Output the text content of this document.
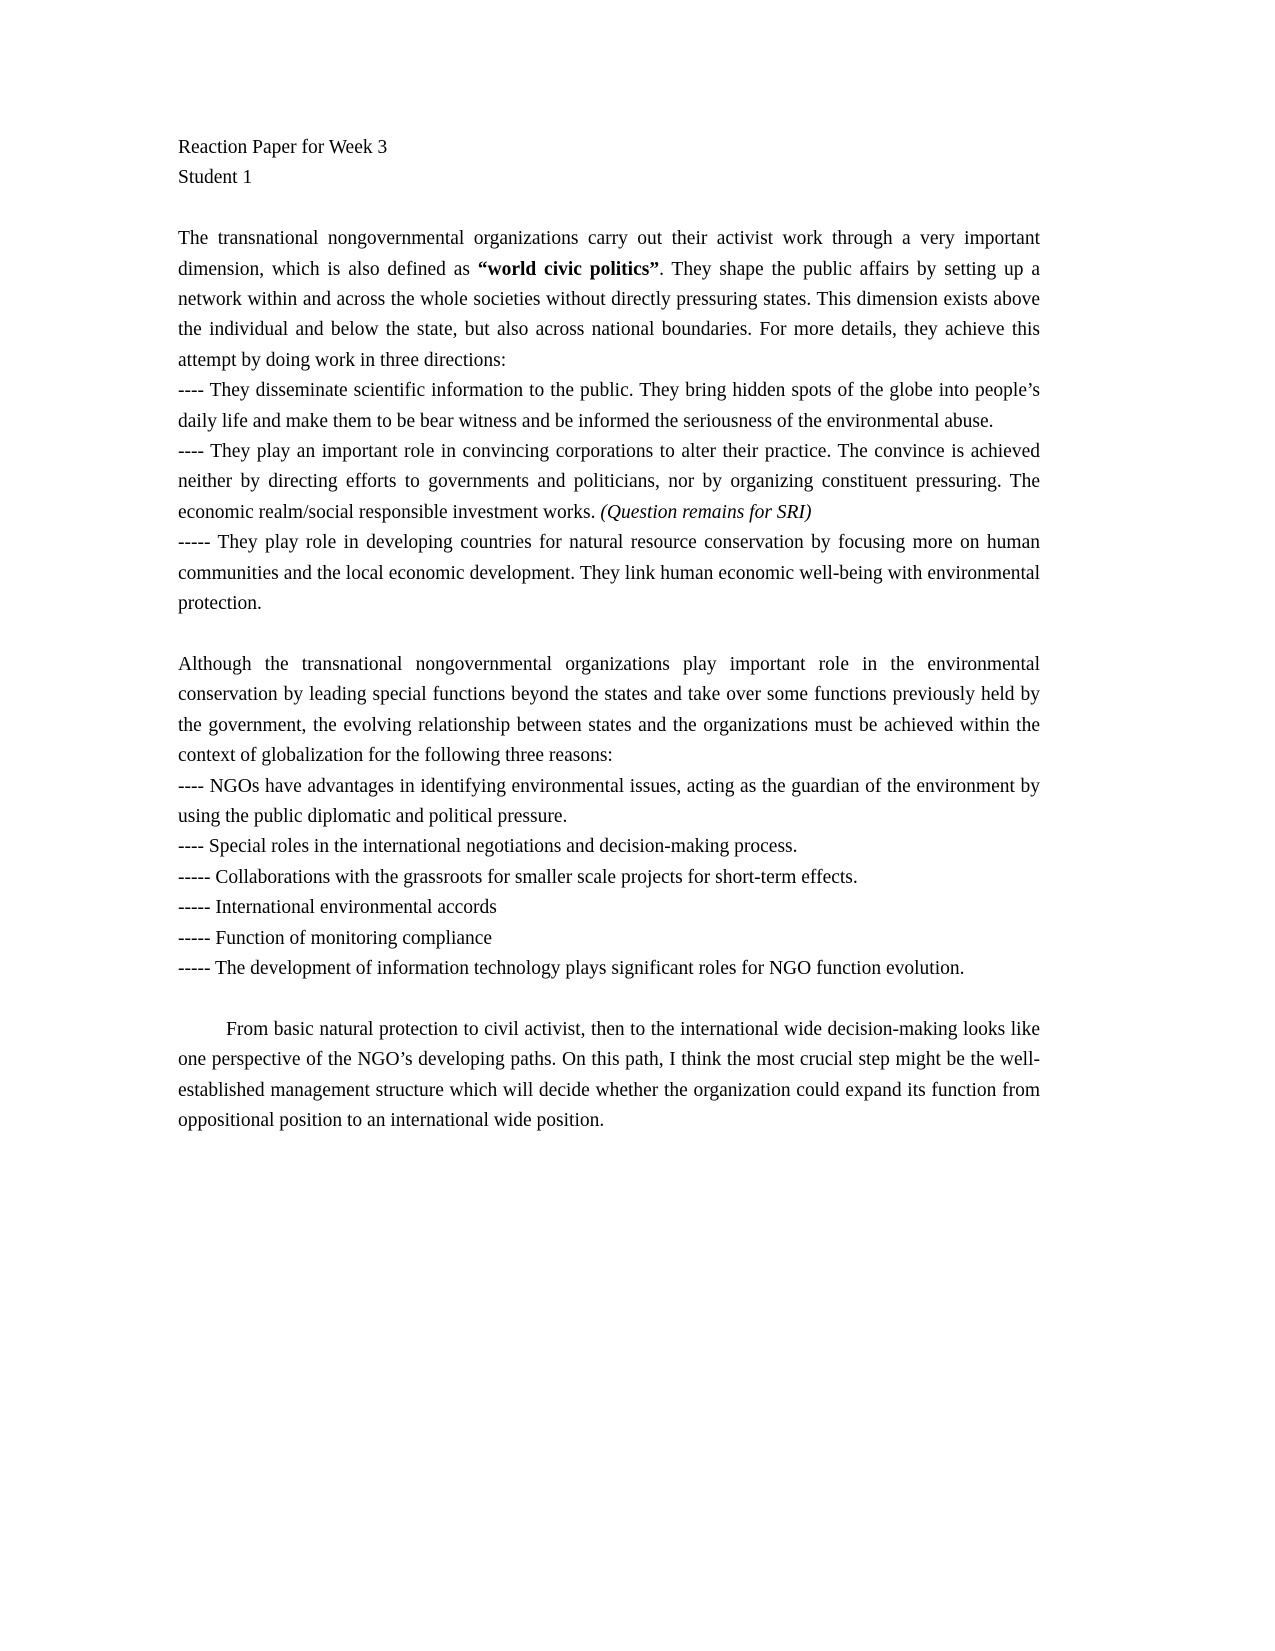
Reaction Paper for Week 3
Student 1

The transnational nongovernmental organizations carry out their activist work through a very important dimension, which is also defined as “world civic politics”. They shape the public affairs by setting up a network within and across the whole societies without directly pressuring states. This dimension exists above the individual and below the state, but also across national boundaries. For more details, they achieve this attempt by doing work in three directions:

---- They disseminate scientific information to the public. They bring hidden spots of the globe into people’s daily life and make them to be bear witness and be informed the seriousness of the environmental abuse.

---- They play an important role in convincing corporations to alter their practice. The convince is achieved neither by directing efforts to governments and politicians, nor by organizing constituent pressuring. The economic realm/social responsible investment works. (Question remains for SRI)

----- They play role in developing countries for natural resource conservation by focusing more on human communities and the local economic development. They link human economic well-being with environmental protection.

Although the transnational nongovernmental organizations play important role in the environmental conservation by leading special functions beyond the states and take over some functions previously held by the government, the evolving relationship between states and the organizations must be achieved within the context of globalization for the following three reasons:

---- NGOs have advantages in identifying environmental issues, acting as the guardian of the environment by using the public diplomatic and political pressure.

---- Special roles in the international negotiations and decision-making process.

----- Collaborations with the grassroots for smaller scale projects for short-term effects.

----- International environmental accords

----- Function of monitoring compliance

----- The development of information technology plays significant roles for NGO function evolution.

From basic natural protection to civil activist, then to the international wide decision-making looks like one perspective of the NGO’s developing paths. On this path, I think the most crucial step might be the well-established management structure which will decide whether the organization could expand its function from oppositional position to an international wide position.
